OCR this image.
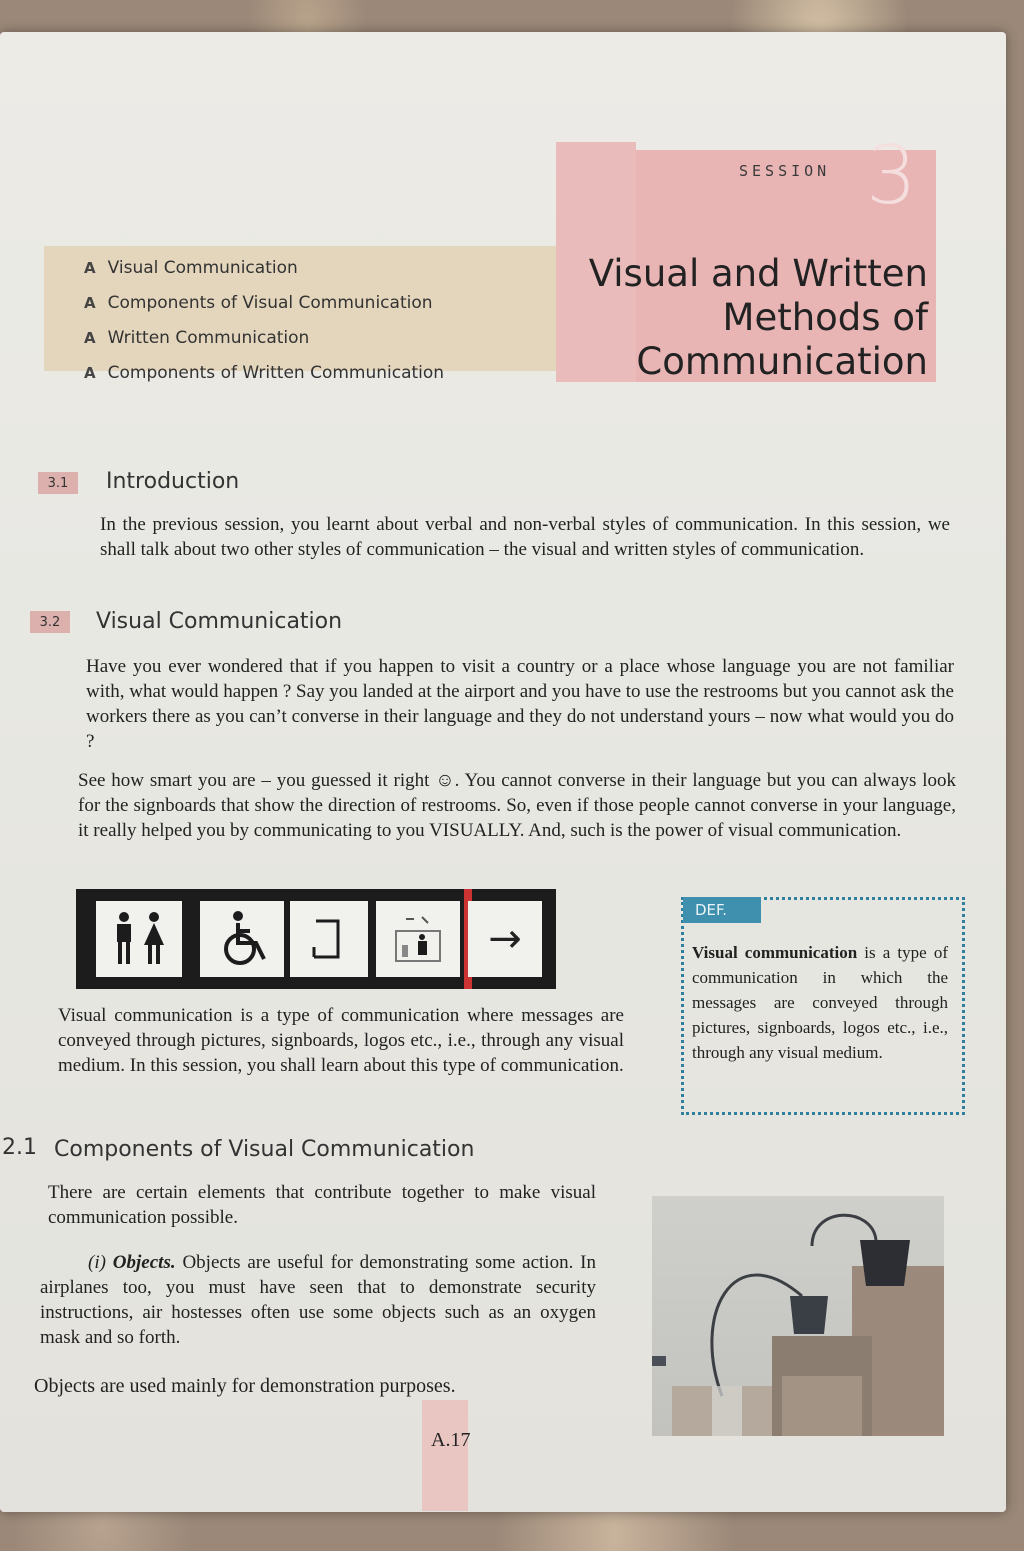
SESSION 3
Visual and Written
Methods of
Communication
A Visual Communication
A Components of Visual Communication
A Written Communication
A Components of Written Communication
3.1	Introduction

In the previous session, you learnt about verbal and non-verbal styles of communication. In this session, we shall talk about two other styles of communication – the visual and written styles of communication.

3.2	Visual Communication

Have you ever wondered that if you happen to visit a country or a place whose language you are not familiar with, what would happen ? Say you landed at the airport and you have to use the restrooms but you cannot ask the workers there as you can’t converse in their language and they do not understand yours – now what would you do ?

See how smart you are – you guessed it right ☺. You cannot converse in their language but you can always look for the signboards that show the direction of restrooms. So, even if those people cannot converse in your language, it really helped you by communicating to you VISUALLY. And, such is the power of visual communication.

→
DEF.

Visual communication is a type of communication in which the messages are conveyed through pictures, signboards, logos etc., i.e., through any visual medium.

Visual communication is a type of communication where messages are conveyed through pictures, signboards, logos etc., i.e., through any visual medium. In this session, you shall learn about this type of communication.

2.1 Components of Visual Communication

There are certain elements that contribute together to make visual communication possible.

(i) Objects. Objects are useful for demonstrating some action. In airplanes too, you must have seen that to demonstrate security instructions, air hostesses often use some objects such as an oxygen mask and so forth.

Objects are used mainly for demonstration purposes.

A.17
